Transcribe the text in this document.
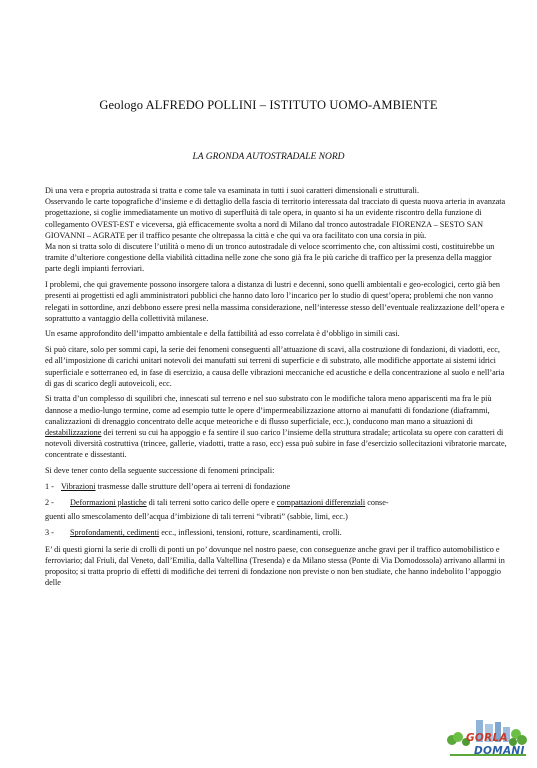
Geologo ALFREDO POLLINI – ISTITUTO UOMO-AMBIENTE
LA GRONDA AUTOSTRADALE NORD

Di una vera e propria autostrada si tratta e come tale va esaminata in tutti i suoi caratteri dimensionali e strutturali.

Osservando le carte topografiche d’insieme e di dettaglio della fascia di territorio interessata dal tracciato di questa nuova arteria in avanzata progettazione, si coglie immediatamente un motivo di superfluità di tale opera, in quanto si ha un evidente riscontro della funzione di collegamento OVEST-EST e viceversa, già efficacemente svolta a nord di Milano dal tronco autostradale FIORENZA – SESTO SAN GIOVANNI – AGRATE per il traffico pesante che oltrepassa la città e che qui va ora facilitato con una corsia in più.

Ma non si tratta solo di discutere l’utilità o meno di un tronco autostradale di veloce scorrimento che, con altissimi costi, costituirebbe un tramite d’ulteriore congestione della viabilità cittadina nelle zone che sono già fra le più cariche di traffico per la presenza della maggior parte degli impianti ferroviari.

I problemi, che qui gravemente possono insorgere talora a distanza di lustri e decenni, sono quelli ambientali e geo-ecologici, certo già ben presenti ai progettisti ed agli amministratori pubblici che hanno dato loro l’incarico per lo studio di quest’opera; problemi che non vanno relegati in sottordine, anzi debbono essere presi nella massima considerazione, nell’interesse stesso dell’eventuale realizzazione dell’opera e soprattutto a vantaggio della collettività milanese.

Un esame approfondito dell’impatto ambientale e della fattibilità ad esso correlata è d’obbligo in simili casi.

Si può citare, solo per sommi capi, la serie dei fenomeni conseguenti all’attuazione di scavi, alla costruzione di fondazioni, di viadotti, ecc, ed all’imposizione di carichi unitari notevoli dei manufatti sui terreni di superficie e di substrato, alle modifiche apportate ai sistemi idrici superficiale e sotterraneo ed, in fase di esercizio, a causa delle vibrazioni meccaniche ed acustiche e della concentrazione al suolo e nell’aria di gas di scarico degli autoveicoli, ecc.

Si tratta d’un complesso di squilibri che, innescati sul terreno e nel suo substrato con le modifiche talora meno appariscenti ma fra le più dannose a medio-lungo termine, come ad esempio tutte le opere d’impermeabilizzazione attorno ai manufatti di fondazione (diaframmi, canalizzazioni di drenaggio concentrato delle acque meteoriche e di flusso superficiale, ecc.), conducono man mano a situazioni di destabilizzazione dei terreni su cui ha appoggio e fa sentire il suo carico l’insieme della struttura stradale; articolata su opere con caratteri di notevoli diversità costruttiva (trincee, gallerie, viadotti, tratte a raso, ecc) essa può subire in fase d’esercizio sollecitazioni vibratorie marcate, concentrate e dissestanti.

Si deve tener conto della seguente successione di fenomeni principali:

1 - Vibrazioni trasmesse dalle strutture dell’opera ai terreni di fondazione
2 -	Deformazioni plastiche di tali terreni sotto carico delle opere e compattazioni differenziali conse-
guenti allo smescolamento dell’acqua d’imbizione di tali terreni “vibrati” (sabbie, limi, ecc.)
3 -	Sprofondamenti, cedimenti ecc., inflessioni, tensioni, rotture, scardinamenti, crolli.

E’ di questi giorni la serie di crolli di ponti un po’ dovunque nel nostro paese, con conseguenze anche gravi per il traffico automobilistico e ferroviario; dal Friuli, dal Veneto, dall’Emilia, dalla Valtellina (Tresenda) e da Milano stessa (Ponte di Via Domodossola) arrivano allarmi in proposito; si tratta proprio di effetti di modifiche dei terreni di fondazione non previste o non ben studiate, che hanno indebolito l’appoggio delle

GORLA
DOMANI
